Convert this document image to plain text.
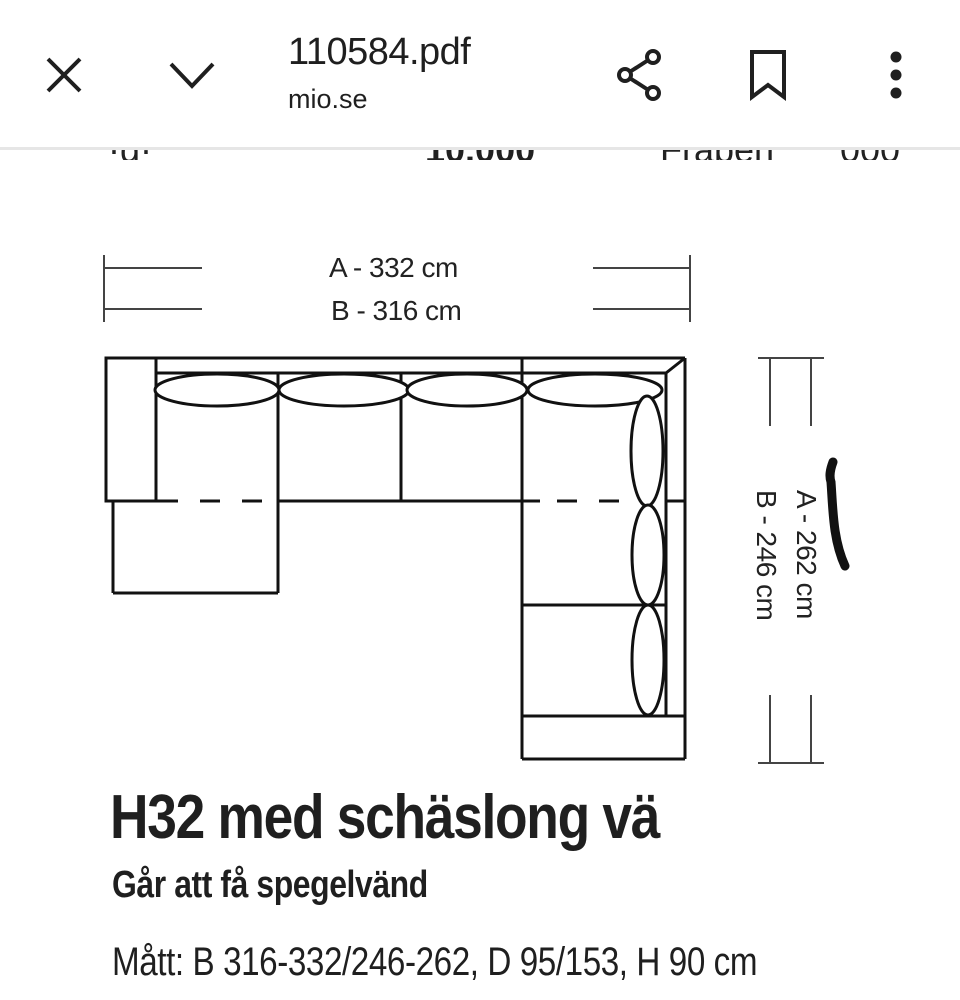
A - 332 cm
B - 316 cm
A - 262 cm
B - 246 cm
H32 med schäslong vä
Går att få spegelvänd
Mått: B 316-332/246-262, D 95/153, H 90 cm
110584.pdf
mio.se
